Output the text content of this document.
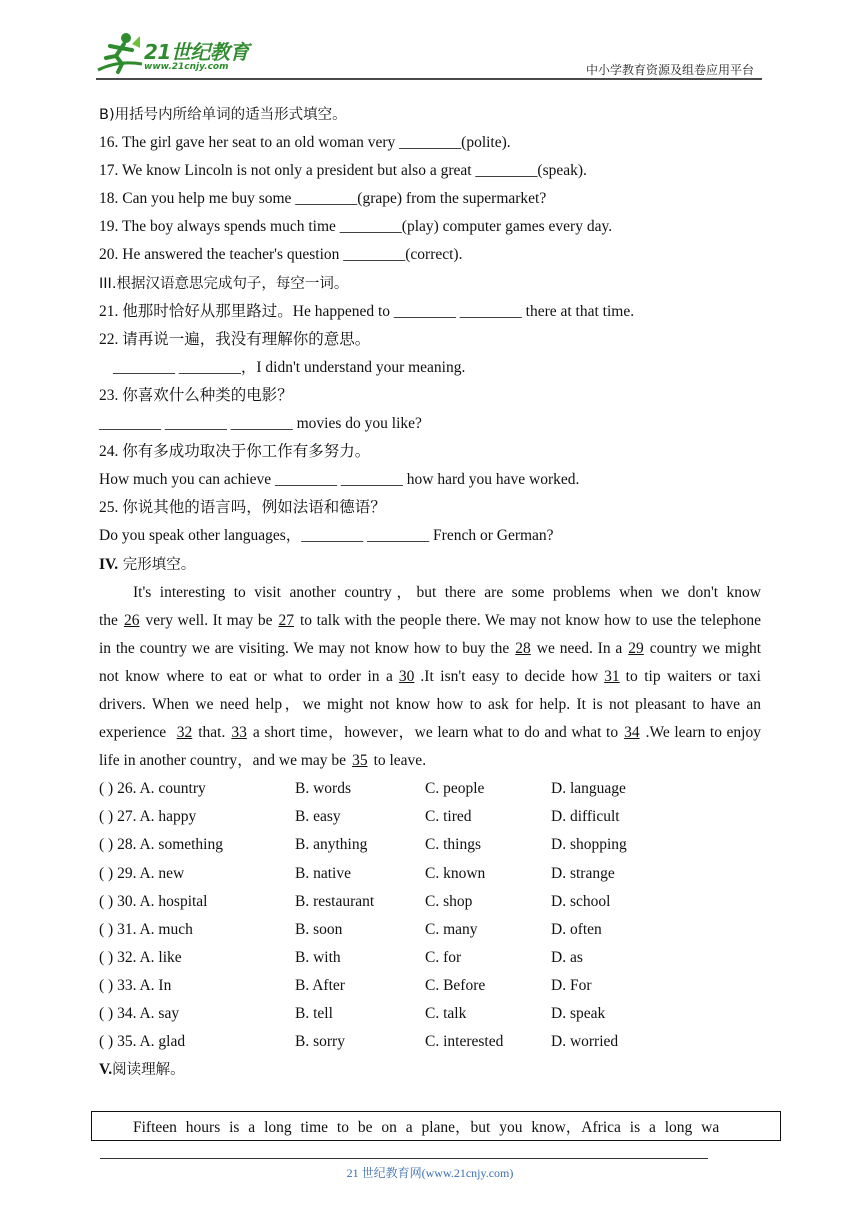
21世纪教育
www.21cnjy.com	中小学教育资源及组卷应用平台
B)用括号内所给单词的适当形式填空。
16. The girl gave her seat to an old woman very ________(polite).
17. We know Lincoln is not only a president but also a great ________(speak).
18. Can you help me buy some ________(grape) from the supermarket?
19. The boy always spends much time ________(play) computer games every day.
20. He answered the teacher's question ________(correct).
III.根据汉语意思完成句子，每空一词。
21. 他那时恰好从那里路过。He happened to ________ ________ there at that time.
22. 请再说一遍，我没有理解你的意思。
________ ________，I didn't understand your meaning.
23. 你喜欢什么种类的电影？
________ ________ ________ movies do you like?
24. 你有多成功取决于你工作有多努力。
How much you can achieve ________ ________ how hard you have worked.
25. 你说其他的语言吗，例如法语和德语？
Do you speak other languages，________ ________ French or German?
IV. 完形填空。

It's interesting to visit another country，but there are some problems when we don't know the 26 very well. It may be 27 to talk with the people there. We may not know how to use the telephone in the country we are visiting. We may not know how to buy the 28 we need. In a 29 country we might not know where to eat or what to order in a 30 .It isn't easy to decide how 31 to tip waiters or taxi drivers. When we need help，we might not know how to ask for help. It is not pleasant to have an experience 32 that. 33 a short time，however，we learn what to do and what to 34 .We learn to enjoy life in another country，and we may be 35 to leave.

( ) 26. A. country	B. words	C. people	D. language
( ) 27. A. happy	B. easy	C. tired	D. difficult
( ) 28. A. something	B. anything	C. things	D. shopping
( ) 29. A. new	B. native	C. known	D. strange
( ) 30. A. hospital	B. restaurant	C. shop	D. school
( ) 31. A. much	B. soon	C. many	D. often
( ) 32. A. like	B. with	C. for	D. as
( ) 33. A. In	B. After	C. Before	D. For
( ) 34. A. say	B. tell	C. talk	D. speak
( ) 35. A. glad	B. sorry	C. interested	D. worried
V.阅读理解。
Fifteen hours is a long time to be on a plane，but you know，Africa is a long wa
21 世纪教育网(www.21cnjy.com)
